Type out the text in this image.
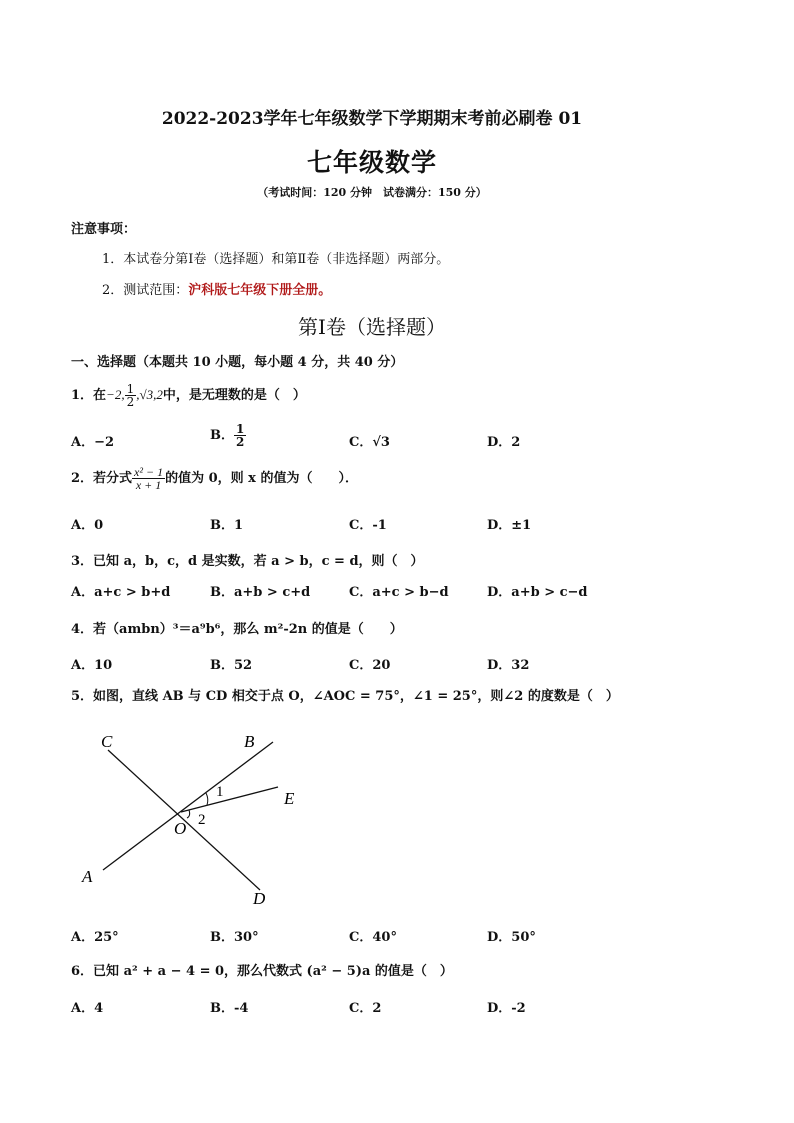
2022-2023学年七年级数学下学期期末考前必刷卷 01
七年级数学
（考试时间：120 分钟　试卷满分：150 分）
注意事项：
1．本试卷分第Ⅰ卷（选择题）和第Ⅱ卷（非选择题）两部分。
2．测试范围：沪科版七年级下册全册。
第Ⅰ卷（选择题）
一、选择题（本题共 10 小题，每小题 4 分，共 40 分）
1．在−2, $\frac{1}{2} ,√3,2$中，是无理数的是（　）
A．−2	B． $\frac{1}{2}$	C．√3	D．2
2．若分式 $\frac{\text{x² − 1}}{x + 1}$ 的值为 0，则 x 的值为（　　）．
A．0	B．1	C．-1	D．±1
3．已知 a，b，c，d 是实数，若 a > b，c = d，则（　）
A．a+c > b+d	B．a+b > c+d	C．a+c > b−d	D．a+b > c−d
4．若（ambn）³＝a⁹b⁶，那么 m²-2n 的值是（　　）
A．10	B．52	C．20	D．32
5．如图，直线 AB 与 CD 相交于点 O，∠AOC = 75°，∠1 = 25°，则∠2 的度数是（　）
C	B
E
O
A
D
1
2
A．25°	B．30°	C．40°	D．50°
6．已知 a² + a − 4 = 0，那么代数式 (a² − 5)a 的值是（　）
A．4	B．-4	C．2	D．-2
